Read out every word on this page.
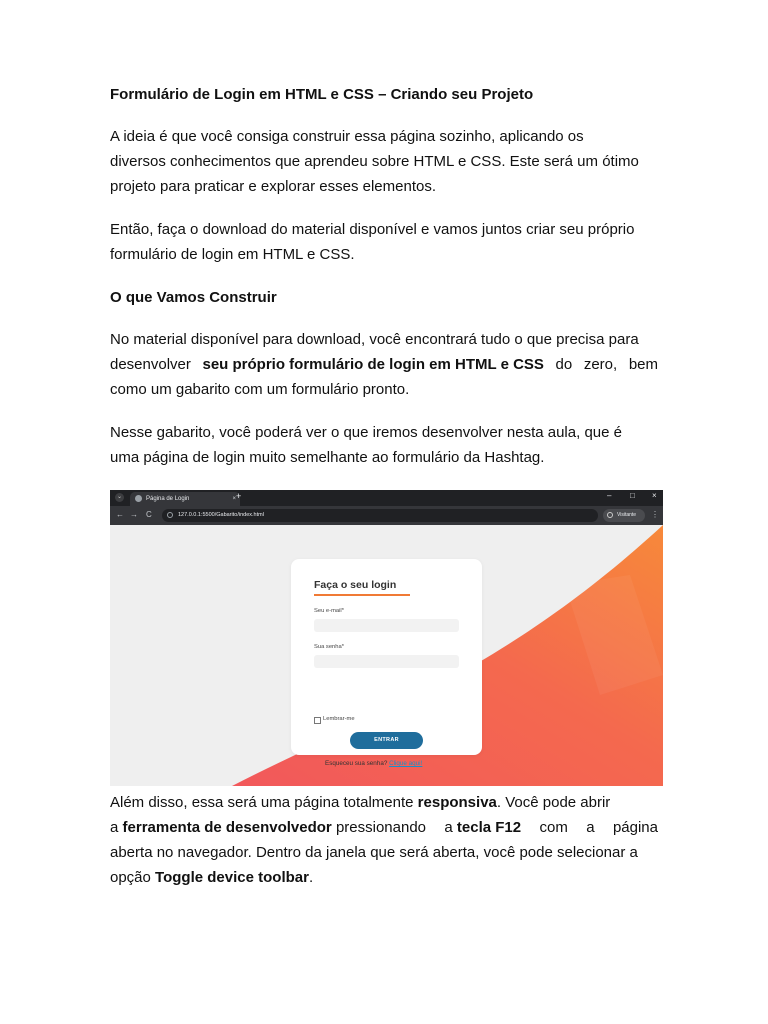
Formulário de Login em HTML e CSS – Criando seu Projeto

A ideia é que você consiga construir essa página sozinho, aplicando os
diversos conhecimentos que aprendeu sobre HTML e CSS. Este será um ótimo
projeto para praticar e explorar esses elementos.

Então, faça o download do material disponível e vamos juntos criar seu próprio
formulário de login em HTML e CSS.

O que Vamos Construir

No material disponível para download, você encontrará tudo o que precisa para
desenvolver seu próprio formulário de login em HTML e CSS do zero, bem
como um gabarito com um formulário pronto.

Nesse gabarito, você poderá ver o que iremos desenvolver nesta aula, que é
uma página de login muito semelhante ao formulário da Hashtag.

Além disso, essa será uma página totalmente responsiva. Você pode abrir
a ferramenta de desenvolvedor pressionando a tecla F12 com a página
aberta no navegador. Dentro da janela que será aberta, você pode selecionar a
opção Toggle device toolbar.

⌄	Página de Login	× +	– □ ×
← → C	127.0.0.1:5500/Gabarito/index.html	Visitante ⋮
Faça o seu login
Seu e-mail*
Sua senha*
Lembrar-me
ENTRAR
Esqueceu sua senha? Clique aqui!
